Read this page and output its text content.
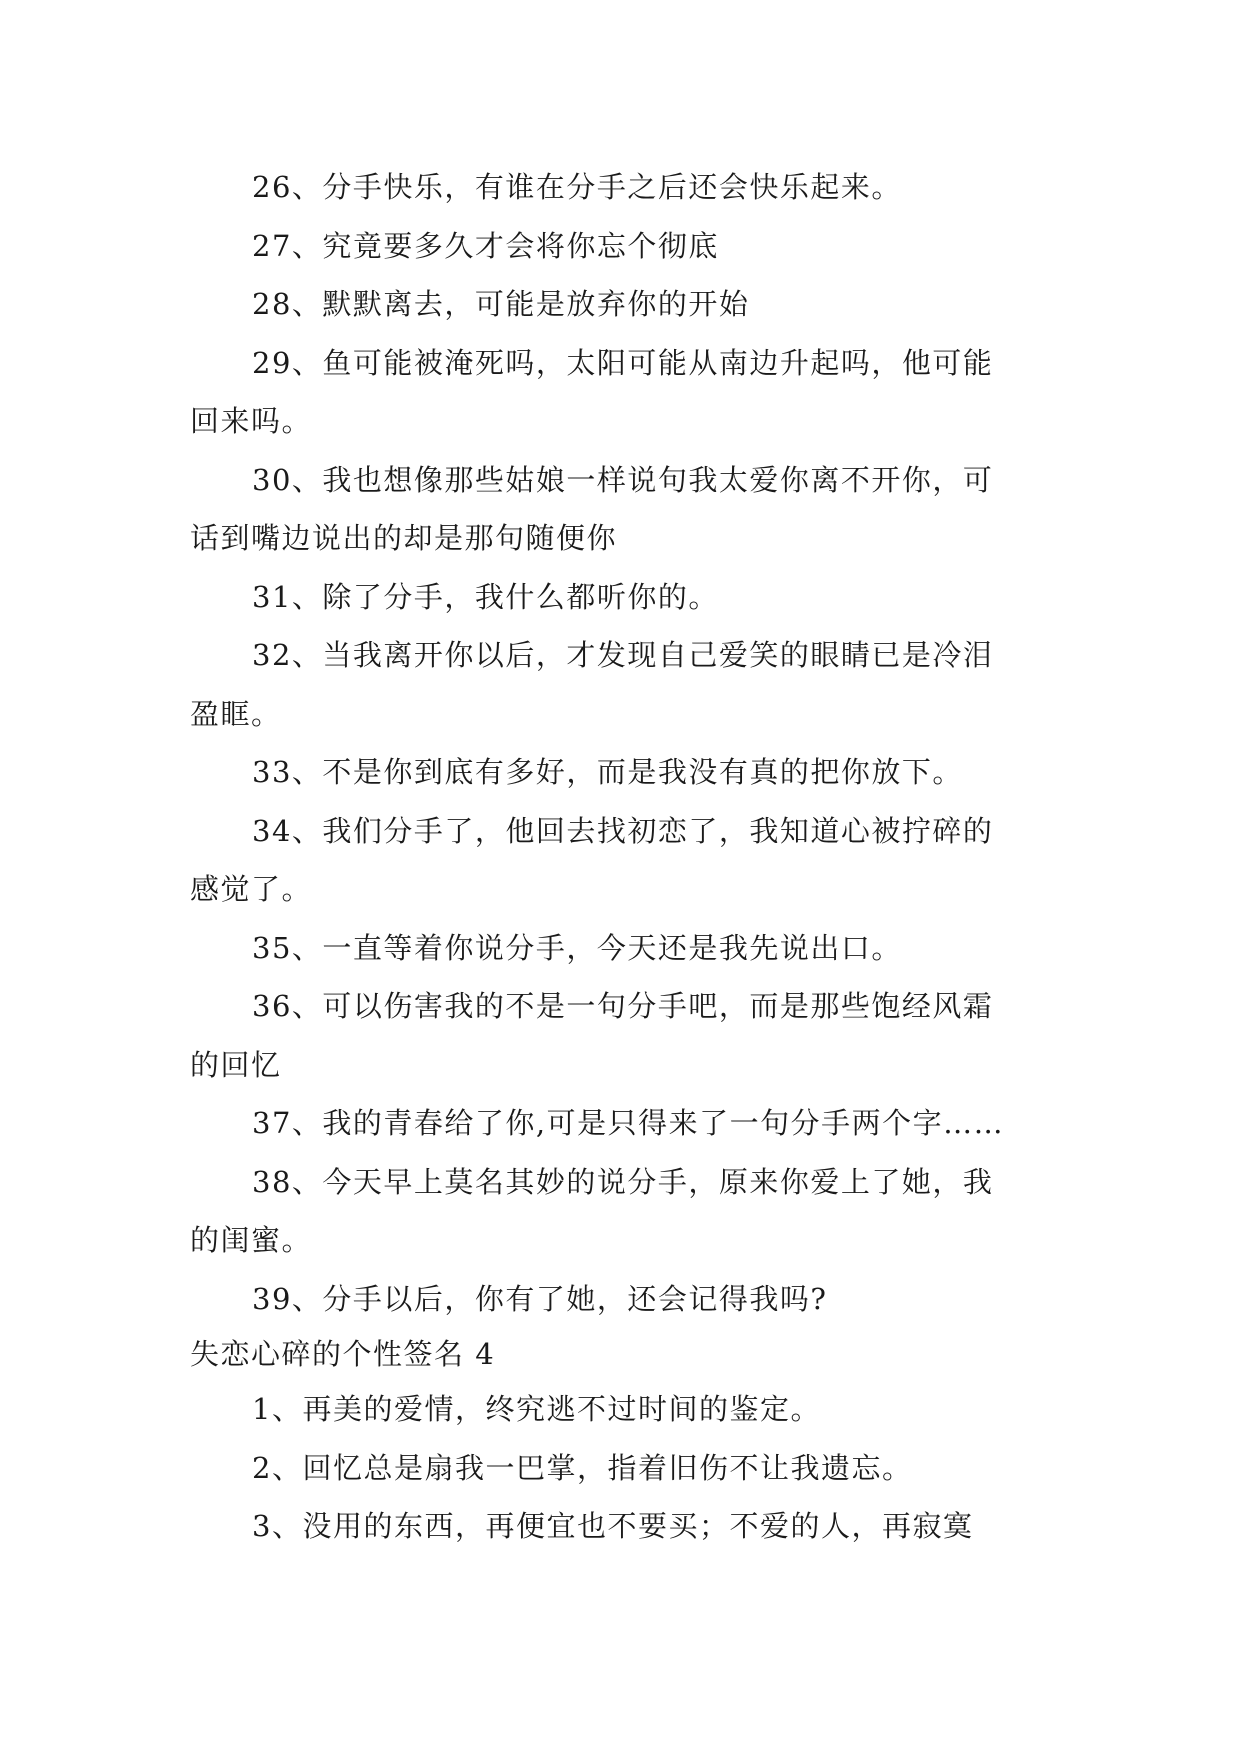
26、分手快乐，有谁在分手之后还会快乐起来。
27、究竟要多久才会将你忘个彻底
28、默默离去，可能是放弃你的开始
29、鱼可能被淹死吗，太阳可能从南边升起吗，他可能
回来吗。
30、我也想像那些姑娘一样说句我太爱你离不开你，可
话到嘴边说出的却是那句随便你
31、除了分手，我什么都听你的。
32、当我离开你以后，才发现自己爱笑的眼睛已是冷泪
盈眶。
33、不是你到底有多好，而是我没有真的把你放下。
34、我们分手了，他回去找初恋了，我知道心被拧碎的
感觉了。
35、一直等着你说分手，今天还是我先说出口。
36、可以伤害我的不是一句分手吧，而是那些饱经风霜
的回忆
37、我的青春给了你,可是只得来了一句分手两个字……
38、今天早上莫名其妙的说分手，原来你爱上了她，我
的闺蜜。
39、分手以后，你有了她，还会记得我吗?
失恋心碎的个性签名 4
1、再美的爱情，终究逃不过时间的鉴定。
2、回忆总是扇我一巴掌，指着旧伤不让我遗忘。
3、没用的东西，再便宜也不要买；不爱的人，再寂寞
